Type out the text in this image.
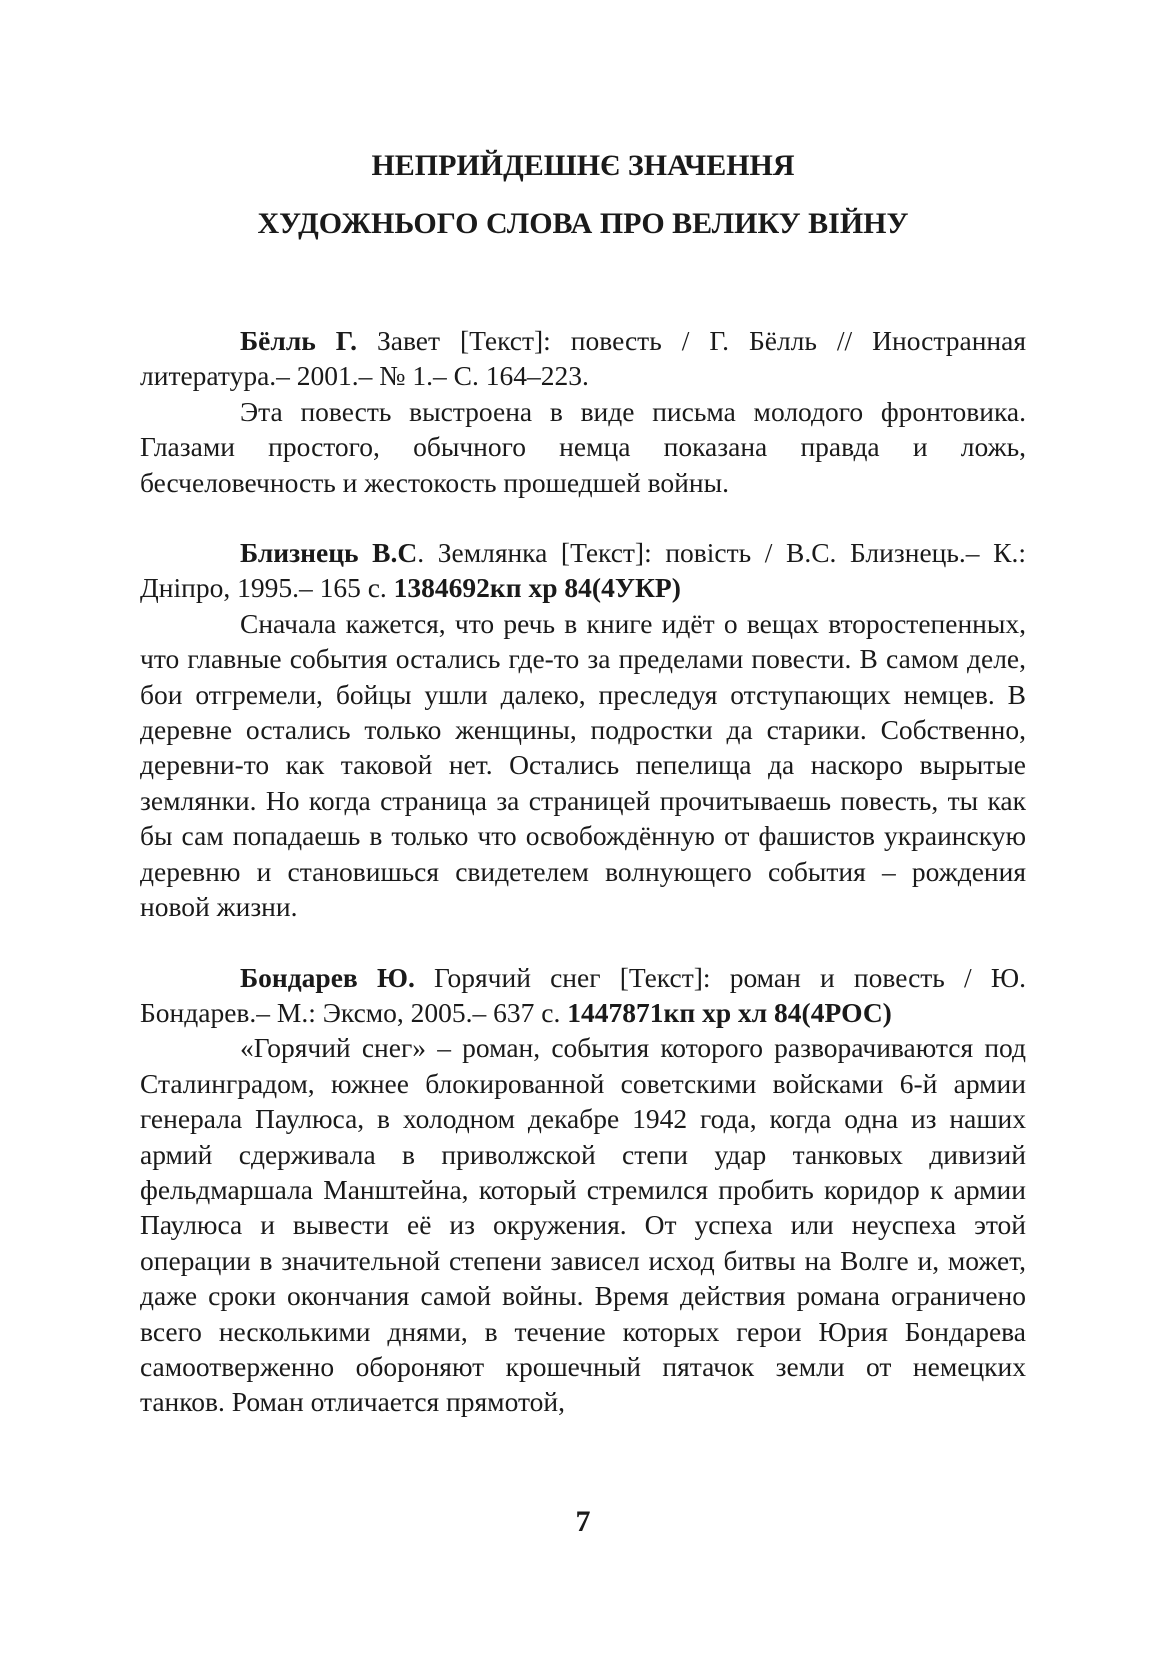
НЕПРИЙДЕШНЄ ЗНАЧЕННЯ
ХУДОЖНЬОГО СЛОВА ПРО ВЕЛИКУ ВІЙНУ

Бёлль Г. Завет [Текст]: повесть / Г. Бёлль // Иностранная литература.– 2001.– № 1.– С. 164–223.

Эта повесть выстроена в виде письма молодого фронтовика. Глазами простого, обычного немца показана правда и ложь, бесчеловечность и жестокость прошедшей войны.

Близнець В.С. Землянка [Текст]: повість / В.С. Близнець.– К.: Дніпро, 1995.– 165 с. 1384692кп хр 84(4УКР)

Сначала кажется, что речь в книге идёт о вещах второстепенных, что главные события остались где-то за пределами повести. В самом деле, бои отгремели, бойцы ушли далеко, преследуя отступающих немцев. В деревне остались только женщины, подростки да старики. Собственно, деревни-то как таковой нет. Остались пепелища да наскоро вырытые землянки. Но когда страница за страницей прочитываешь повесть, ты как бы сам попадаешь в только что освобождённую от фашистов украинскую деревню и становишься свидетелем волнующего события – рождения новой жизни.

Бондарев Ю. Горячий снег [Текст]: роман и повесть / Ю. Бондарев.– М.: Эксмо, 2005.– 637 с. 1447871кп хр хл 84(4РОС)

«Горячий снег» – роман, события которого разворачиваются под Сталинградом, южнее блокированной советскими войсками 6-й армии генерала Паулюса, в холодном декабре 1942 года, когда одна из наших армий сдерживала в приволжской степи удар танковых дивизий фельдмаршала Манштейна, который стремился пробить коридор к армии Паулюса и вывести её из окружения. От успеха или неуспеха этой операции в значительной степени зависел исход битвы на Волге и, может, даже сроки окончания самой войны. Время действия романа ограничено всего несколькими днями, в течение которых герои Юрия Бондарева самоотверженно обороняют крошечный пятачок земли от немецких танков. Роман отличается прямотой,

7
